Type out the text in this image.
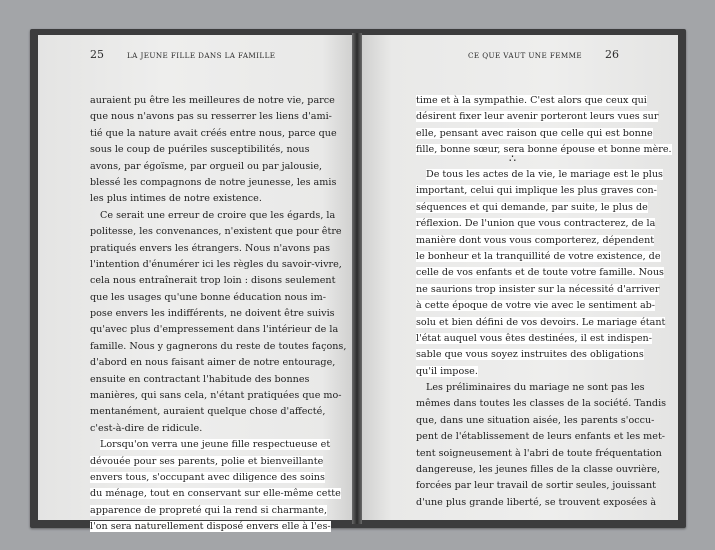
25	LA JEUNE FILLE DANS LA FAMILLE	CE QUE VAUT UNE FEMME 26
auraient pu être les meilleures de notre vie, parce
que nous n'avons pas su resserrer les liens d'ami-
tié que la nature avait créés entre nous, parce que
sous le coup de puériles susceptibilités, nous
avons, par égoïsme, par orgueil ou par jalousie,
blessé les compagnons de notre jeunesse, les amis
les plus intimes de notre existence.
Ce serait une erreur de croire que les égards, la
politesse, les convenances, n'existent que pour être
pratiqués envers les étrangers. Nous n'avons pas
l'intention d'énumérer ici les règles du savoir-vivre,
cela nous entraînerait trop loin : disons seulement
que les usages qu'une bonne éducation nous im-
pose envers les indifférents, ne doivent être suivis
qu'avec plus d'empressement dans l'intérieur de la
famille. Nous y gagnerons du reste de toutes façons,
d'abord en nous faisant aimer de notre entourage,
ensuite en contractant l'habitude des bonnes
manières, qui sans cela, n'étant pratiquées que mo-
mentanément, auraient quelque chose d'affecté,
c'est-à-dire de ridicule.
Lorsqu'on verra une jeune fille respectueuse et
dévouée pour ses parents, polie et bienveillante
envers tous, s'occupant avec diligence des soins
du ménage, tout en conservant sur elle-même cette
apparence de propreté qui la rend si charmante,
l'on sera naturellement disposé envers elle à l'es-
time et à la sympathie. C'est alors que ceux qui
désirent fixer leur avenir porteront leurs vues sur
elle, pensant avec raison que celle qui est bonne
fille, bonne sœur, sera bonne épouse et bonne mère.
∴
De tous les actes de la vie, le mariage est le plus
important, celui qui implique les plus graves con-
séquences et qui demande, par suite, le plus de
réflexion. De l'union que vous contracterez, de la
manière dont vous vous comporterez, dépendent
le bonheur et la tranquillité de votre existence, de
celle de vos enfants et de toute votre famille. Nous
ne saurions trop insister sur la nécessité d'arriver
à cette époque de votre vie avec le sentiment ab-
solu et bien défini de vos devoirs. Le mariage étant
l'état auquel vous êtes destinées, il est indispen-
sable que vous soyez instruites des obligations
qu'il impose.
Les préliminaires du mariage ne sont pas les
mêmes dans toutes les classes de la société. Tandis
que, dans une situation aisée, les parents s'occu-
pent de l'établissement de leurs enfants et les met-
tent soigneusement à l'abri de toute fréquentation
dangereuse, les jeunes filles de la classe ouvrière,
forcées par leur travail de sortir seules, jouissant
d'une plus grande liberté, se trouvent exposées à
